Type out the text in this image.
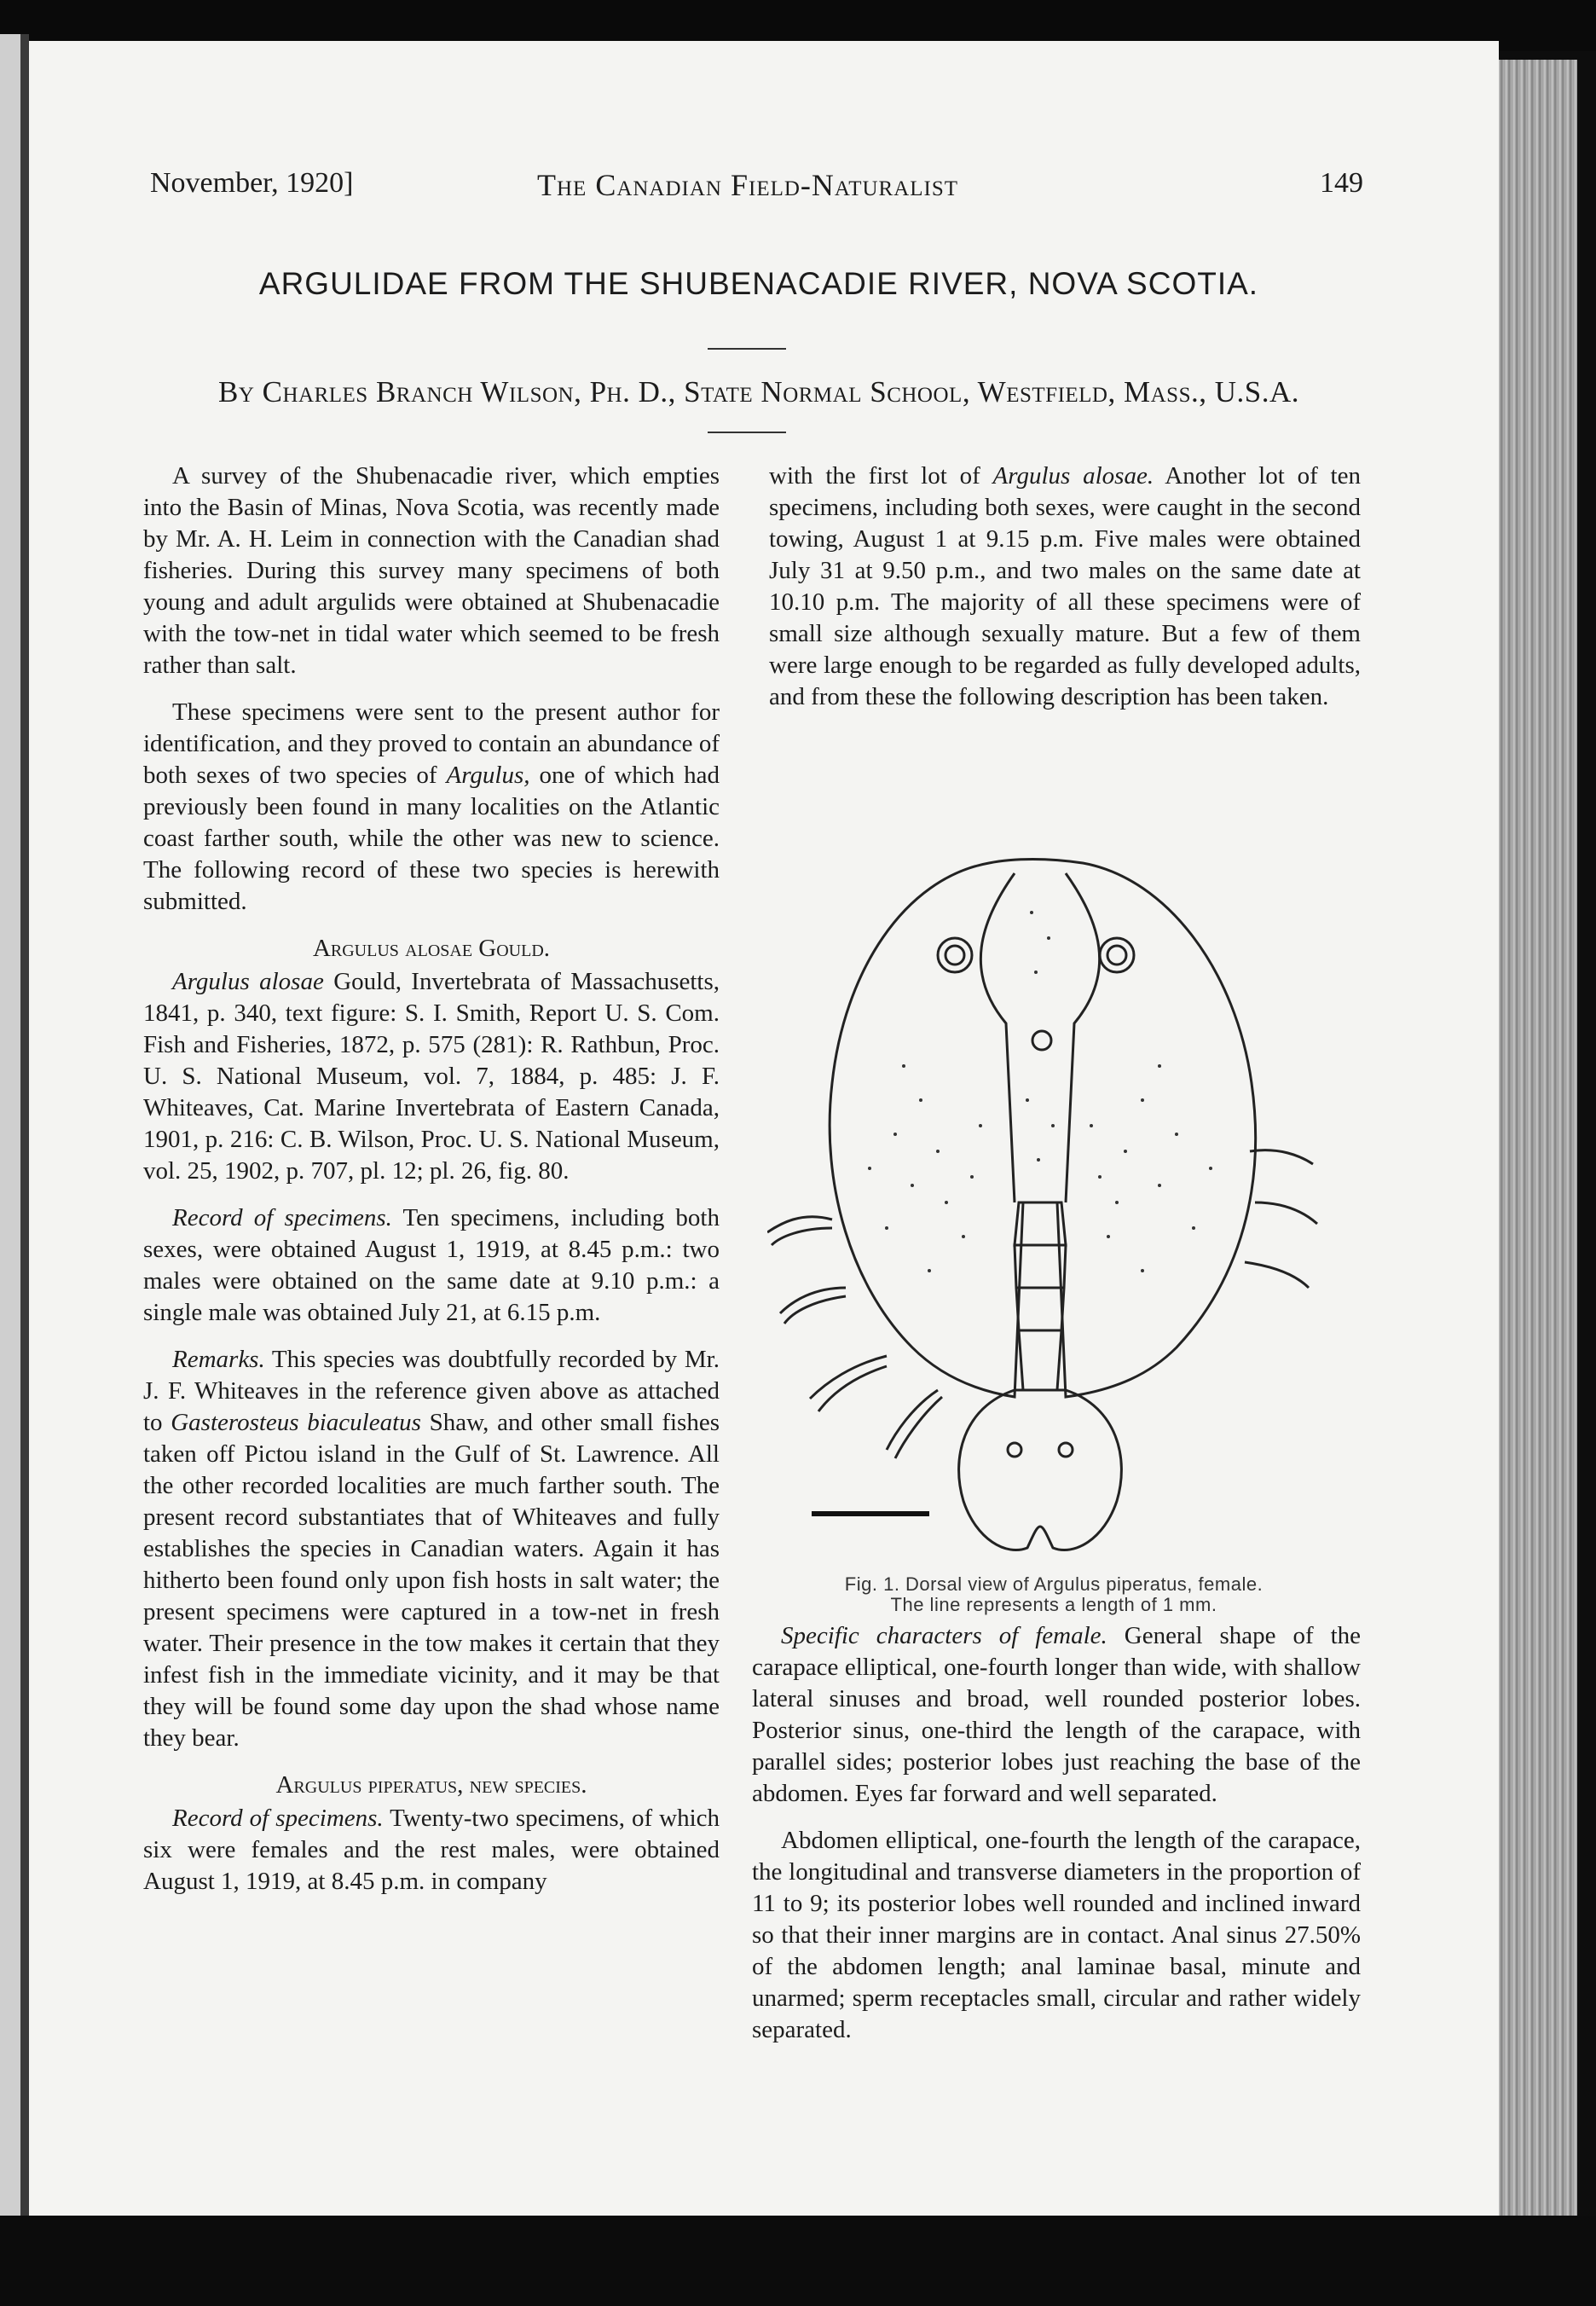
November, 1920]	The Canadian Field-Naturalist	149
ARGULIDAE FROM THE SHUBENACADIE RIVER, NOVA SCOTIA.
By Charles Branch Wilson, Ph. D., State Normal School, Westfield, Mass., U.S.A.

A survey of the Shubenacadie river, which empties into the Basin of Minas, Nova Scotia, was recently made by Mr. A. H. Leim in connection with the Canadian shad fisheries. During this survey many specimens of both young and adult argulids were obtained at Shubenacadie with the tow-net in tidal water which seemed to be fresh rather than salt.

These specimens were sent to the present author for identification, and they proved to contain an abundance of both sexes of two species of Argulus, one of which had previously been found in many localities on the Atlantic coast farther south, while the other was new to science. The following record of these two species is herewith submitted.

Argulus alosae Gould.

Argulus alosae Gould, Invertebrata of Massachusetts, 1841, p. 340, text figure: S. I. Smith, Report U. S. Com. Fish and Fisheries, 1872, p. 575 (281): R. Rathbun, Proc. U. S. National Museum, vol. 7, 1884, p. 485: J. F. Whiteaves, Cat. Marine Invertebrata of Eastern Canada, 1901, p. 216: C. B. Wilson, Proc. U. S. National Museum, vol. 25, 1902, p. 707, pl. 12; pl. 26, fig. 80.

Record of specimens. Ten specimens, including both sexes, were obtained August 1, 1919, at 8.45 p.m.: two males were obtained on the same date at 9.10 p.m.: a single male was obtained July 21, at 6.15 p.m.

Remarks. This species was doubtfully recorded by Mr. J. F. Whiteaves in the reference given above as attached to Gasterosteus biaculeatus Shaw, and other small fishes taken off Pictou island in the Gulf of St. Lawrence. All the other recorded localities are much farther south. The present record substantiates that of Whiteaves and fully establishes the species in Canadian waters. Again it has hitherto been found only upon fish hosts in salt water; the present specimens were captured in a tow-net in fresh water. Their presence in the tow makes it certain that they infest fish in the immediate vicinity, and it may be that they will be found some day upon the shad whose name they bear.

Argulus piperatus, new species.

Record of specimens. Twenty-two specimens, of which six were females and the rest males, were obtained August 1, 1919, at 8.45 p.m. in company

with the first lot of Argulus alosae. Another lot of ten specimens, including both sexes, were caught in the second towing, August 1 at 9.15 p.m. Five males were obtained July 31 at 9.50 p.m., and two males on the same date at 10.10 p.m. The majority of all these specimens were of small size although sexually mature. But a few of them were large enough to be regarded as fully developed adults, and from these the following description has been taken.

Fig. 1. Dorsal view of Argulus piperatus, female.
The line represents a length of 1 mm.

Specific characters of female. General shape of the carapace elliptical, one-fourth longer than wide, with shallow lateral sinuses and broad, well rounded posterior lobes. Posterior sinus, one-third the length of the carapace, with parallel sides; posterior lobes just reaching the base of the abdomen. Eyes far forward and well separated.

Abdomen elliptical, one-fourth the length of the carapace, the longitudinal and transverse diameters in the proportion of 11 to 9; its posterior lobes well rounded and inclined inward so that their inner margins are in contact. Anal sinus 27.50% of the abdomen length; anal laminae basal, minute and unarmed; sperm receptacles small, circular and rather widely separated.
